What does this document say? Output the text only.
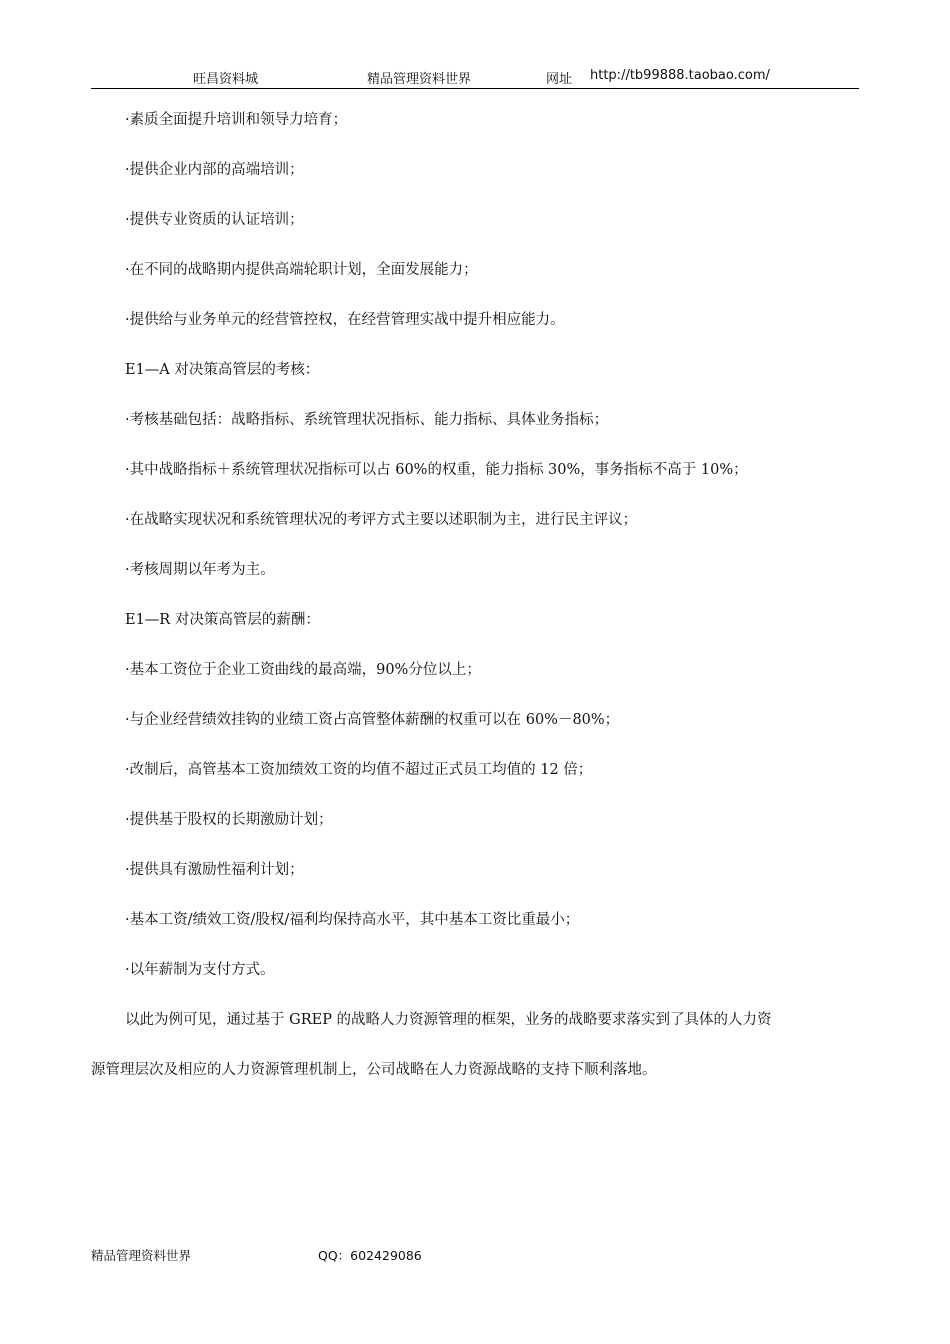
旺昌资料城	精品管理资料世界	网址 http://tb99888.taobao.com/
·素质全面提升培训和领导力培育；
·提供企业内部的高端培训；
·提供专业资质的认证培训；
·在不同的战略期内提供高端轮职计划，全面发展能力；
·提供给与业务单元的经营管控权，在经营管理实战中提升相应能力。
E1—A 对决策高管层的考核：
·考核基础包括：战略指标、系统管理状况指标、能力指标、具体业务指标；
·其中战略指标＋系统管理状况指标可以占 60%的权重，能力指标 30%，事务指标不高于 10%；
·在战略实现状况和系统管理状况的考评方式主要以述职制为主，进行民主评议；
·考核周期以年考为主。
E1—R 对决策高管层的薪酬：
·基本工资位于企业工资曲线的最高端，90%分位以上；
·与企业经营绩效挂钩的业绩工资占高管整体薪酬的权重可以在 60%－80%；
·改制后，高管基本工资加绩效工资的均值不超过正式员工均值的 12 倍；
·提供基于股权的长期激励计划；
·提供具有激励性福利计划；
·基本工资/绩效工资/股权/福利均保持高水平，其中基本工资比重最小；
·以年薪制为支付方式。
以此为例可见，通过基于 GREP 的战略人力资源管理的框架，业务的战略要求落实到了具体的人力资
源管理层次及相应的人力资源管理机制上，公司战略在人力资源战略的支持下顺利落地。
精品管理资料世界	QQ：602429086
